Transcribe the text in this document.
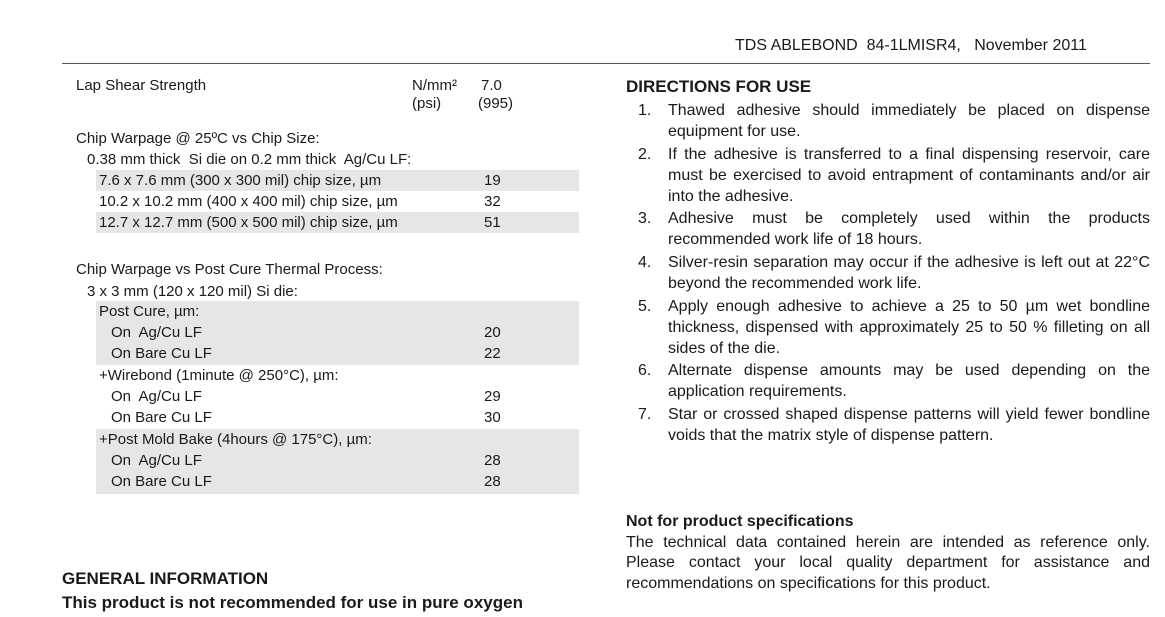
TDS ABLEBOND  84-1LMISR4,   November 2011
Lap Shear Strength	N/mm² 7.0
(psi) (995)
Chip Warpage @ 25ºC vs Chip Size:
0.38 mm thick  Si die on 0.2 mm thick  Ag/Cu LF:
7.6 x 7.6 mm (300 x 300 mil) chip size, µm	19
10.2 x 10.2 mm (400 x 400 mil) chip size, µm	32
12.7 x 12.7 mm (500 x 500 mil) chip size, µm	51
Chip Warpage vs Post Cure Thermal Process:
3 x 3 mm (120 x 120 mil) Si die:
Post Cure, µm:
On  Ag/Cu LF	20
On Bare Cu LF	22
+Wirebond (1minute @ 250°C), µm:
On  Ag/Cu LF	29
On Bare Cu LF	30
+Post Mold Bake (4hours @ 175°C), µm:
On  Ag/Cu LF	28
On Bare Cu LF	28
DIRECTIONS FOR USE
1.	Thawed adhesive should immediately be placed on dispense equipment for use.
2.	If the adhesive is transferred to a final dispensing reservoir, care must be exercised to avoid entrapment of contaminants and/or air into the adhesive.
3.	Adhesive must be completely used within the products recommended work life of 18 hours.
4.	Silver-resin separation may occur if the adhesive is left out at 22°C beyond the recommended work life.
5.	Apply enough adhesive to achieve a 25 to 50 µm wet bondline thickness, dispensed with approximately 25 to 50 % filleting on all sides of the die.
6.	Alternate dispense amounts may be used depending on the application requirements.
7.	Star or crossed shaped dispense patterns will yield fewer bondline voids that the matrix style of dispense pattern.
Not for product specifications
The technical data contained herein are intended as reference only. Please contact your local quality department for assistance and recommendations on specifications for this product.
GENERAL INFORMATION
This product is not recommended for use in pure oxygen
